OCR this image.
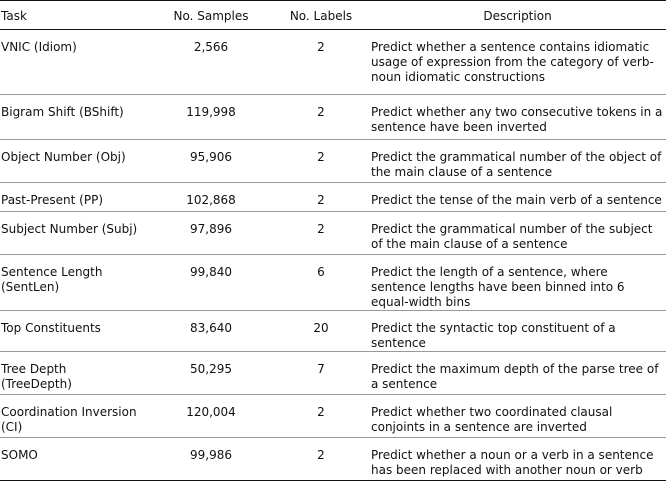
Task	No. Samples	No. Labels	Description
VNIC (Idiom)	2,566	2	Predict whether a sentence contains idiomatic usage of expression from the category of verb-noun idiomatic constructions
Bigram Shift (BShift)	119,998	2	Predict whether any two consecutive tokens in a sentence have been inverted
Object Number (Obj)	95,906	2	Predict the grammatical number of the object of the main clause of a sentence
Past-Present (PP)	102,868	2	Predict the tense of the main verb of a sentence
Subject Number (Subj)	97,896	2	Predict the grammatical number of the subject of the main clause of a sentence
Sentence Length (SentLen)	99,840	6	Predict the length of a sentence, where sentence lengths have been binned into 6 equal-width bins
Top Constituents	83,640	20	Predict the syntactic top constituent of a sentence
Tree Depth (TreeDepth)	50,295	7	Predict the maximum depth of the parse tree of a sentence
Coordination Inversion (CI)	120,004	2	Predict whether two coordinated clausal conjoints in a sentence are inverted
SOMO	99,986	2	Predict whether a noun or a verb in a sentence has been replaced with another noun or verb
